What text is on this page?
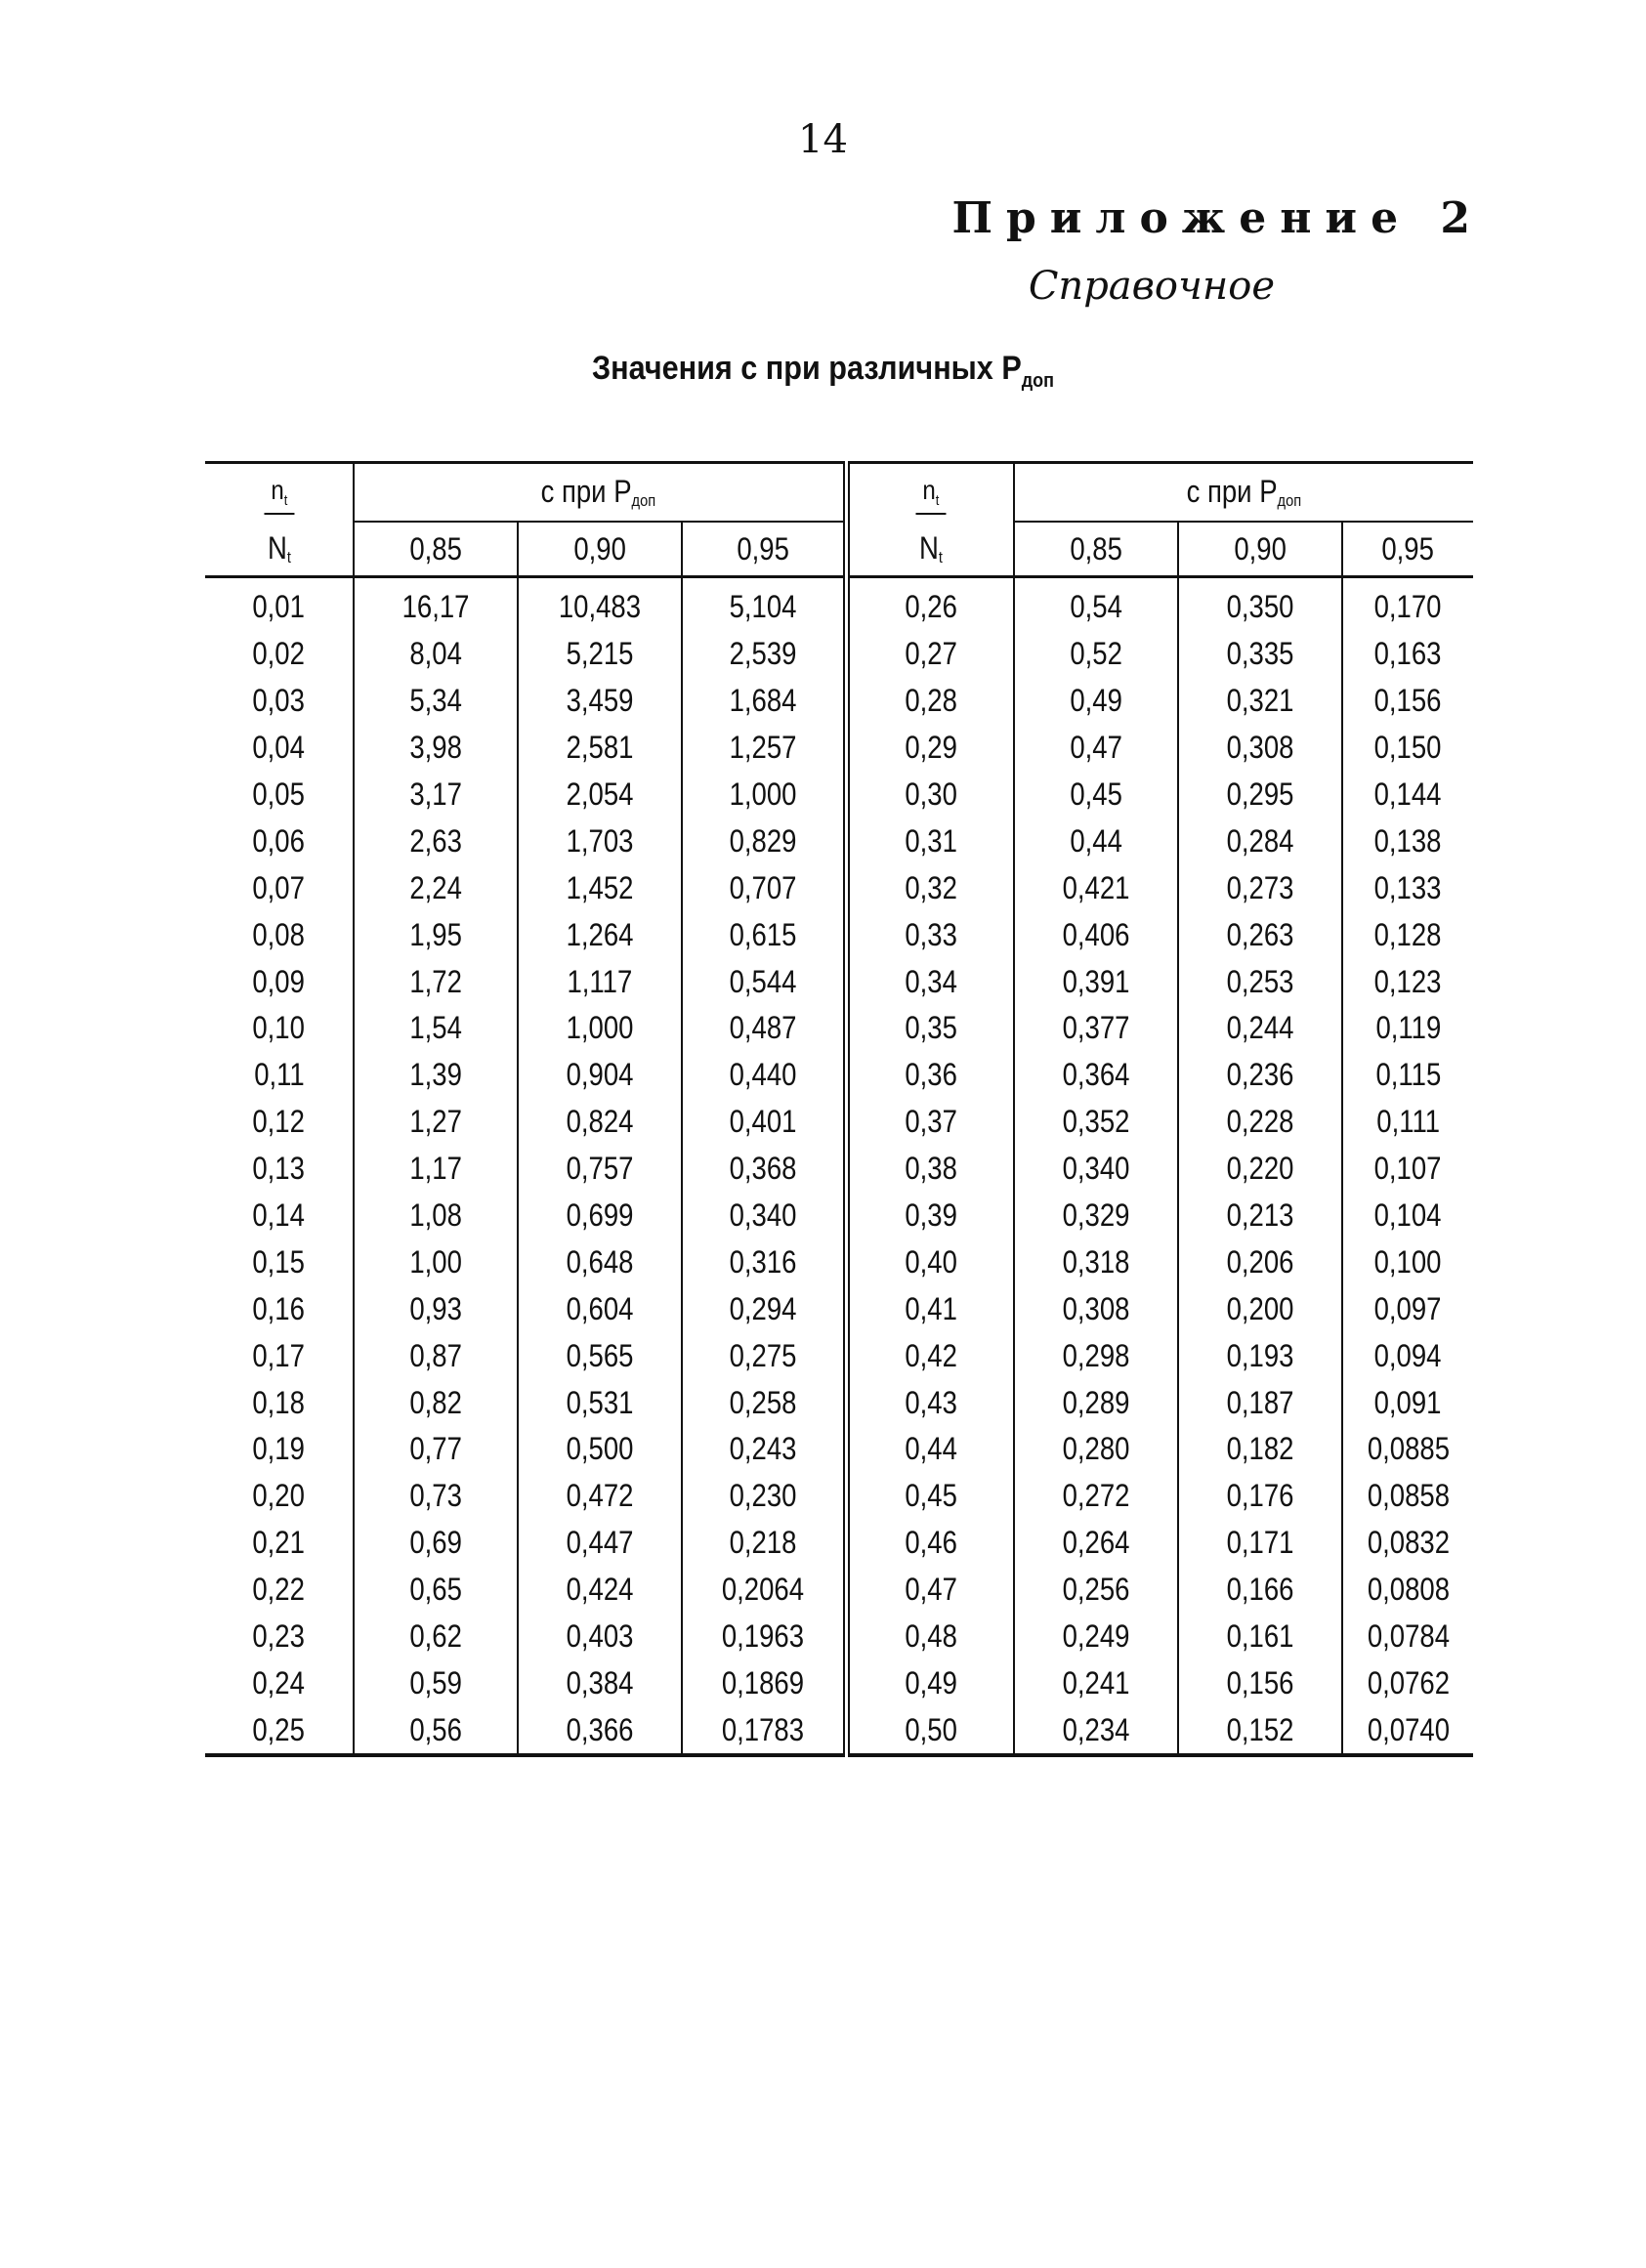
14
Приложение 2
Справочное
Значения c при различных $P_{доп}$
$n_t$	с при $P_{доп}$			$n_t$	с при $P_{доп}$
$N_t$	0,85	0,90	0,95	$N_t$	0,85	0,90	0,95
0,01	16,17	10,483	5,104	0,26	0,54	0,350	0,170
0,02	8,04	5,215	2,539	0,27	0,52	0,335	0,163
0,03	5,34	3,459	1,684	0,28	0,49	0,321	0,156
0,04	3,98	2,581	1,257	0,29	0,47	0,308	0,150
0,05	3,17	2,054	1,000	0,30	0,45	0,295	0,144
0,06	2,63	1,703	0,829	0,31	0,44	0,284	0,138
0,07	2,24	1,452	0,707	0,32	0,421	0,273	0,133
0,08	1,95	1,264	0,615	0,33	0,406	0,263	0,128
0,09	1,72	1,117	0,544	0,34	0,391	0,253	0,123
0,10	1,54	1,000	0,487	0,35	0,377	0,244	0,119
0,11	1,39	0,904	0,440	0,36	0,364	0,236	0,115
0,12	1,27	0,824	0,401	0,37	0,352	0,228	0,111
0,13	1,17	0,757	0,368	0,38	0,340	0,220	0,107
0,14	1,08	0,699	0,340	0,39	0,329	0,213	0,104
0,15	1,00	0,648	0,316	0,40	0,318	0,206	0,100
0,16	0,93	0,604	0,294	0,41	0,308	0,200	0,097
0,17	0,87	0,565	0,275	0,42	0,298	0,193	0,094
0,18	0,82	0,531	0,258	0,43	0,289	0,187	0,091
0,19	0,77	0,500	0,243	0,44	0,280	0,182	0,0885
0,20	0,73	0,472	0,230	0,45	0,272	0,176	0,0858
0,21	0,69	0,447	0,218	0,46	0,264	0,171	0,0832
0,22	0,65	0,424	0,2064	0,47	0,256	0,166	0,0808
0,23	0,62	0,403	0,1963	0,48	0,249	0,161	0,0784
0,24	0,59	0,384	0,1869	0,49	0,241	0,156	0,0762
0,25	0,56	0,366	0,1783	0,50	0,234	0,152	0,0740
